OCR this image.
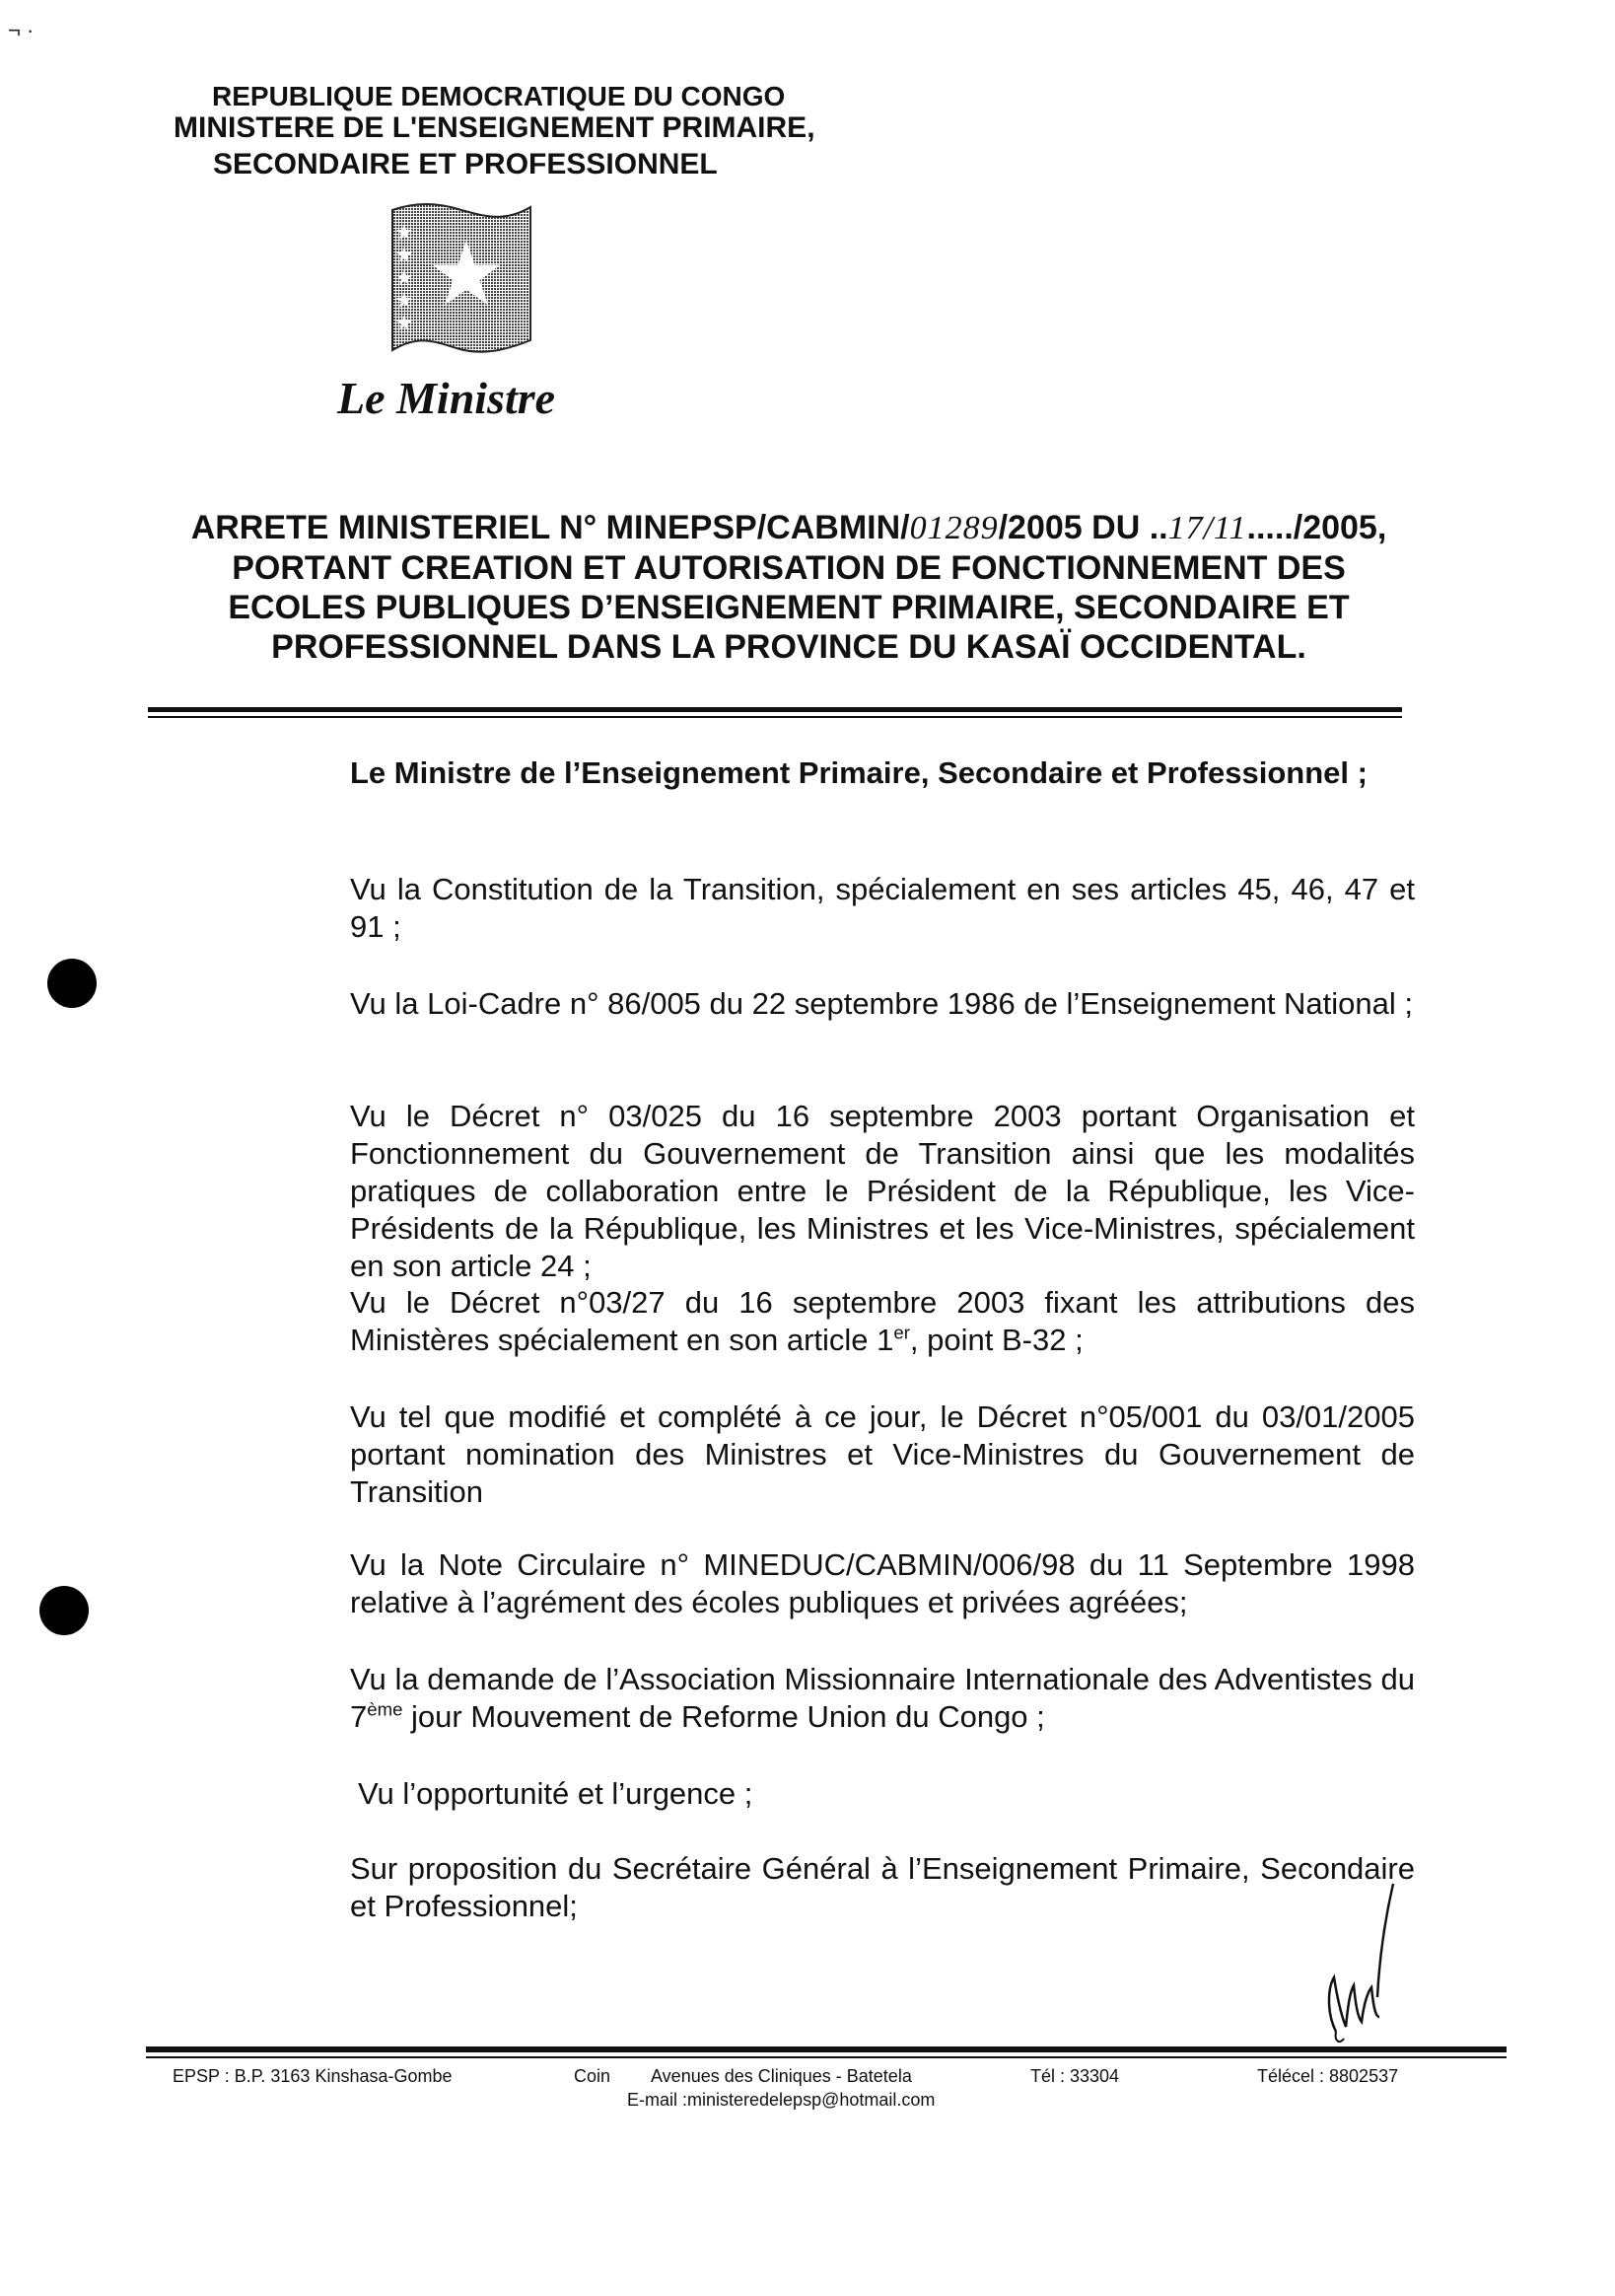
¬ ·
REPUBLIQUE DEMOCRATIQUE DU CONGO
MINISTERE DE L'ENSEIGNEMENT PRIMAIRE,
SECONDAIRE ET PROFESSIONNEL
Le Ministre
ARRETE MINISTERIEL N° MINEPSP/CABMIN/01289/2005 DU ..17/11...../2005,
PORTANT CREATION ET AUTORISATION DE FONCTIONNEMENT DES
ECOLES PUBLIQUES D’ENSEIGNEMENT PRIMAIRE, SECONDAIRE ET
PROFESSIONNEL DANS LA PROVINCE DU KASAÏ OCCIDENTAL.
Le Ministre de l’Enseignement Primaire, Secondaire et Professionnel ;
Vu la Constitution de la Transition, spécialement en ses articles 45, 46, 47 et 91 ;
Vu la Loi-Cadre n° 86/005 du 22 septembre 1986 de l’Enseignement National ;
Vu le Décret n° 03/025 du 16 septembre 2003 portant Organisation et Fonctionnement du Gouvernement de Transition ainsi que les modalités pratiques de collaboration entre le Président de la République, les Vice-Présidents de la République, les Ministres et les Vice-Ministres, spécialement en son article 24 ;
Vu le Décret n°03/27 du 16 septembre 2003 fixant les attributions des Ministères spécialement en son article 1er, point B-32 ;
Vu tel que modifié et complété à ce jour, le Décret n°05/001 du 03/01/2005 portant nomination des Ministres et Vice-Ministres du Gouvernement de Transition
Vu la Note Circulaire n° MINEDUC/CABMIN/006/98 du 11 Septembre 1998 relative à l’agrément des écoles publiques et privées agréées;
Vu la demande de l’Association Missionnaire Internationale des Adventistes du 7ème jour Mouvement de Reforme Union du Congo ;
Vu l’opportunité et l’urgence ;
Sur proposition du Secrétaire Général à l’Enseignement Primaire, Secondaire et Professionnel;
EPSP : B.P. 3163 Kinshasa-Gombe	Coin Avenues des Cliniques - Batetela	Tél : 33304	Télécel : 8802537
E-mail :ministeredelepsp@hotmail.com
